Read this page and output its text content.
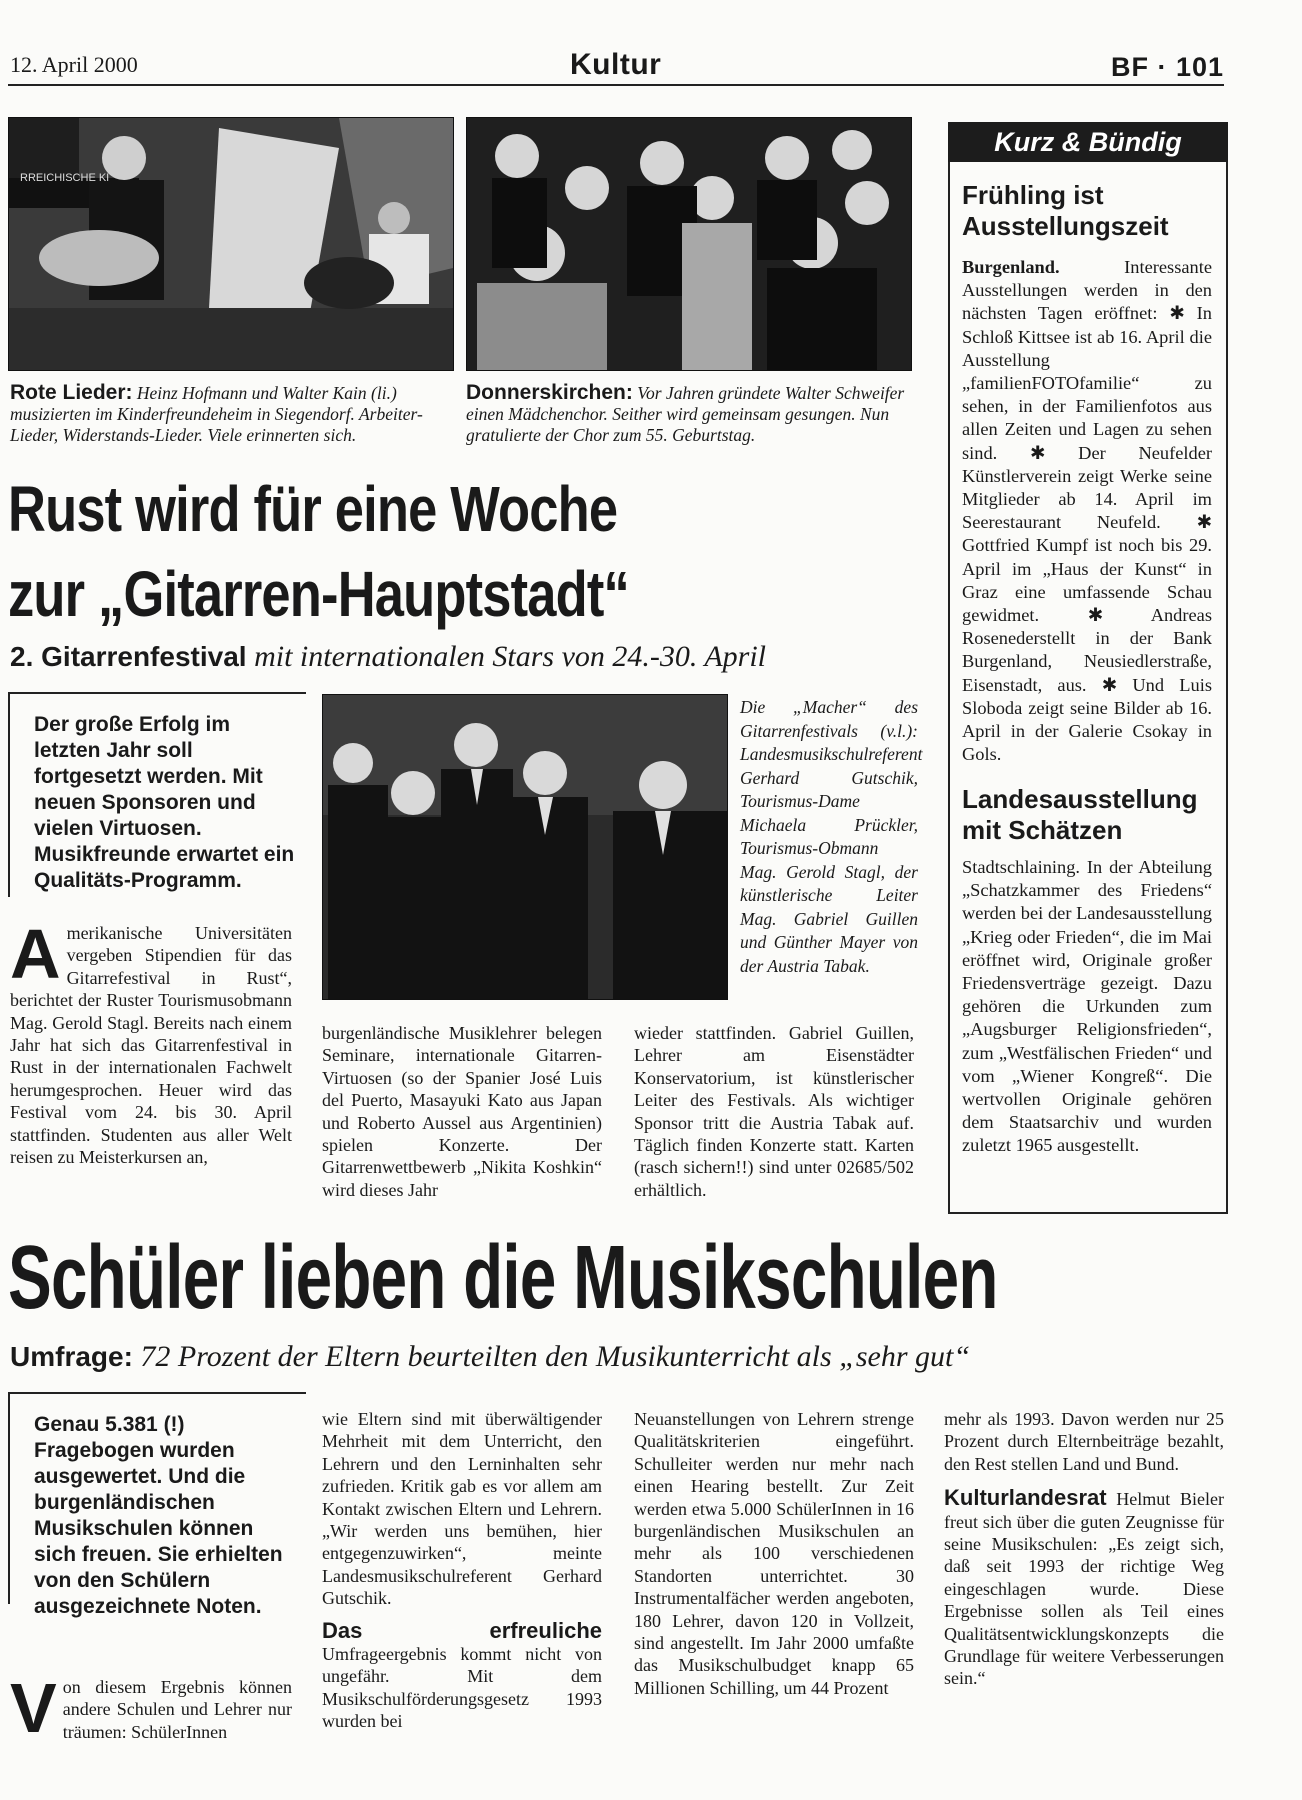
12. April 2000	Kultur	BF · 101
RREICHISCHE KI
Rote Lieder: Heinz Hofmann und Walter Kain (li.) musizierten im Kinderfreundeheim in Siegendorf. Arbeiter-Lieder, Widerstands-Lieder. Viele erinnerten sich.
Donnerskirchen: Vor Jahren gründete Walter Schweifer einen Mädchenchor. Seither wird gemeinsam gesungen. Nun gratulierte der Chor zum 55. Geburtstag.
Rust wird für eine Woche
zur „Gitarren-Hauptstadt“
2. Gitarrenfestival mit internationalen Stars von 24.-30. April
Der große Erfolg im letzten Jahr soll fortgesetzt werden. Mit neuen Sponsoren und vielen Virtuosen. Musikfreunde erwartet ein Qualitäts-Programm.
Amerikanische Universitäten vergeben Stipendien für das Gitarrefestival in Rust“, berichtet der Ruster Tourismusobmann Mag. Gerold Stagl. Bereits nach einem Jahr hat sich das Gitarrenfestival in Rust in der internationalen Fachwelt herumgesprochen. Heuer wird das Festival vom 24. bis 30. April stattfinden. Studenten aus aller Welt reisen zu Meisterkursen an,
Die „Macher“ des Gitarrenfestivals (v.l.): Landesmusikschulreferent Gerhard Gutschik, Tourismus-Dame Michaela Prückler, Tourismus-Obmann Mag. Gerold Stagl, der künstlerische Leiter Mag. Gabriel Guillen und Günther Mayer von der Austria Tabak.
burgenländische Musiklehrer belegen Seminare, internationale Gitarren-Virtuosen (so der Spanier José Luis del Puerto, Masayuki Kato aus Japan und Roberto Aussel aus Argentinien) spielen Konzerte. Der Gitarrenwettbewerb „Nikita Koshkin“ wird dieses Jahr
wieder stattfinden. Gabriel Guillen, Lehrer am Eisenstädter Konservatorium, ist künstlerischer Leiter des Festivals. Als wichtiger Sponsor tritt die Austria Tabak auf. Täglich finden Konzerte statt. Karten (rasch sichern!!) sind unter 02685/502 erhältlich.
Kurz & Bündig
Frühling ist Ausstellungszeit
Burgenland. Interessante Ausstellungen werden in den nächsten Tagen eröffnet: ✱ In Schloß Kittsee ist ab 16. April die Ausstellung „familienFOTOfamilie“ zu sehen, in der Familienfotos aus allen Zeiten und Lagen zu sehen sind. ✱ Der Neufelder Künstlerverein zeigt Werke seine Mitglieder ab 14. April im Seerestaurant Neufeld. ✱ Gottfried Kumpf ist noch bis 29. April im „Haus der Kunst“ in Graz eine umfassende Schau gewidmet. ✱ Andreas Rosenederstellt in der Bank Burgenland, Neusiedlerstraße, Eisenstadt, aus. ✱ Und Luis Sloboda zeigt seine Bilder ab 16. April in der Galerie Csokay in Gols.
Landesausstellung mit Schätzen
Stadtschlaining. In der Abteilung „Schatzkammer des Friedens“ werden bei der Landesausstellung „Krieg oder Frieden“, die im Mai eröffnet wird, Originale großer Friedensverträge gezeigt. Dazu gehören die Urkunden zum „Augsburger Religionsfrieden“, zum „Westfälischen Frieden“ und vom „Wiener Kongreß“. Die wertvollen Originale gehören dem Staatsarchiv und wurden zuletzt 1965 ausgestellt.
Schüler lieben die Musikschulen
Umfrage: 72 Prozent der Eltern beurteilten den Musikunterricht als „sehr gut“
Genau 5.381 (!) Fragebogen wurden ausgewertet. Und die burgenländischen Musikschulen können sich freuen. Sie erhielten von den Schülern ausgezeichnete Noten.
Von diesem Ergebnis können andere Schulen und Lehrer nur träumen: SchülerInnen

wie Eltern sind mit überwältigender Mehrheit mit dem Unterricht, den Lehrern und den Lerninhalten sehr zufrieden. Kritik gab es vor allem am Kontakt zwischen Eltern und Lehrern. „Wir werden uns bemühen, hier entgegenzuwirken“, meinte Landesmusikschulreferent Gerhard Gutschik.

Das erfreuliche Umfrageergebnis kommt nicht von ungefähr. Mit dem Musikschulförderungsgesetz 1993 wurden bei

Neuanstellungen von Lehrern strenge Qualitätskriterien eingeführt. Schulleiter werden nur mehr nach einen Hearing bestellt. Zur Zeit werden etwa 5.000 SchülerInnen in 16 burgenländischen Musikschulen an mehr als 100 verschiedenen Standorten unterrichtet. 30 Instrumentalfächer werden angeboten, 180 Lehrer, davon 120 in Vollzeit, sind angestellt. Im Jahr 2000 umfaßte das Musikschulbudget knapp 65 Millionen Schilling, um 44 Prozent

mehr als 1993. Davon werden nur 25 Prozent durch Elternbeiträge bezahlt, den Rest stellen Land und Bund.

Kulturlandesrat Helmut Bieler freut sich über die guten Zeugnisse für seine Musikschulen: „Es zeigt sich, daß seit 1993 der richtige Weg eingeschlagen wurde. Diese Ergebnisse sollen als Teil eines Qualitätsentwicklungskonzepts die Grundlage für weitere Verbesserungen sein.“
